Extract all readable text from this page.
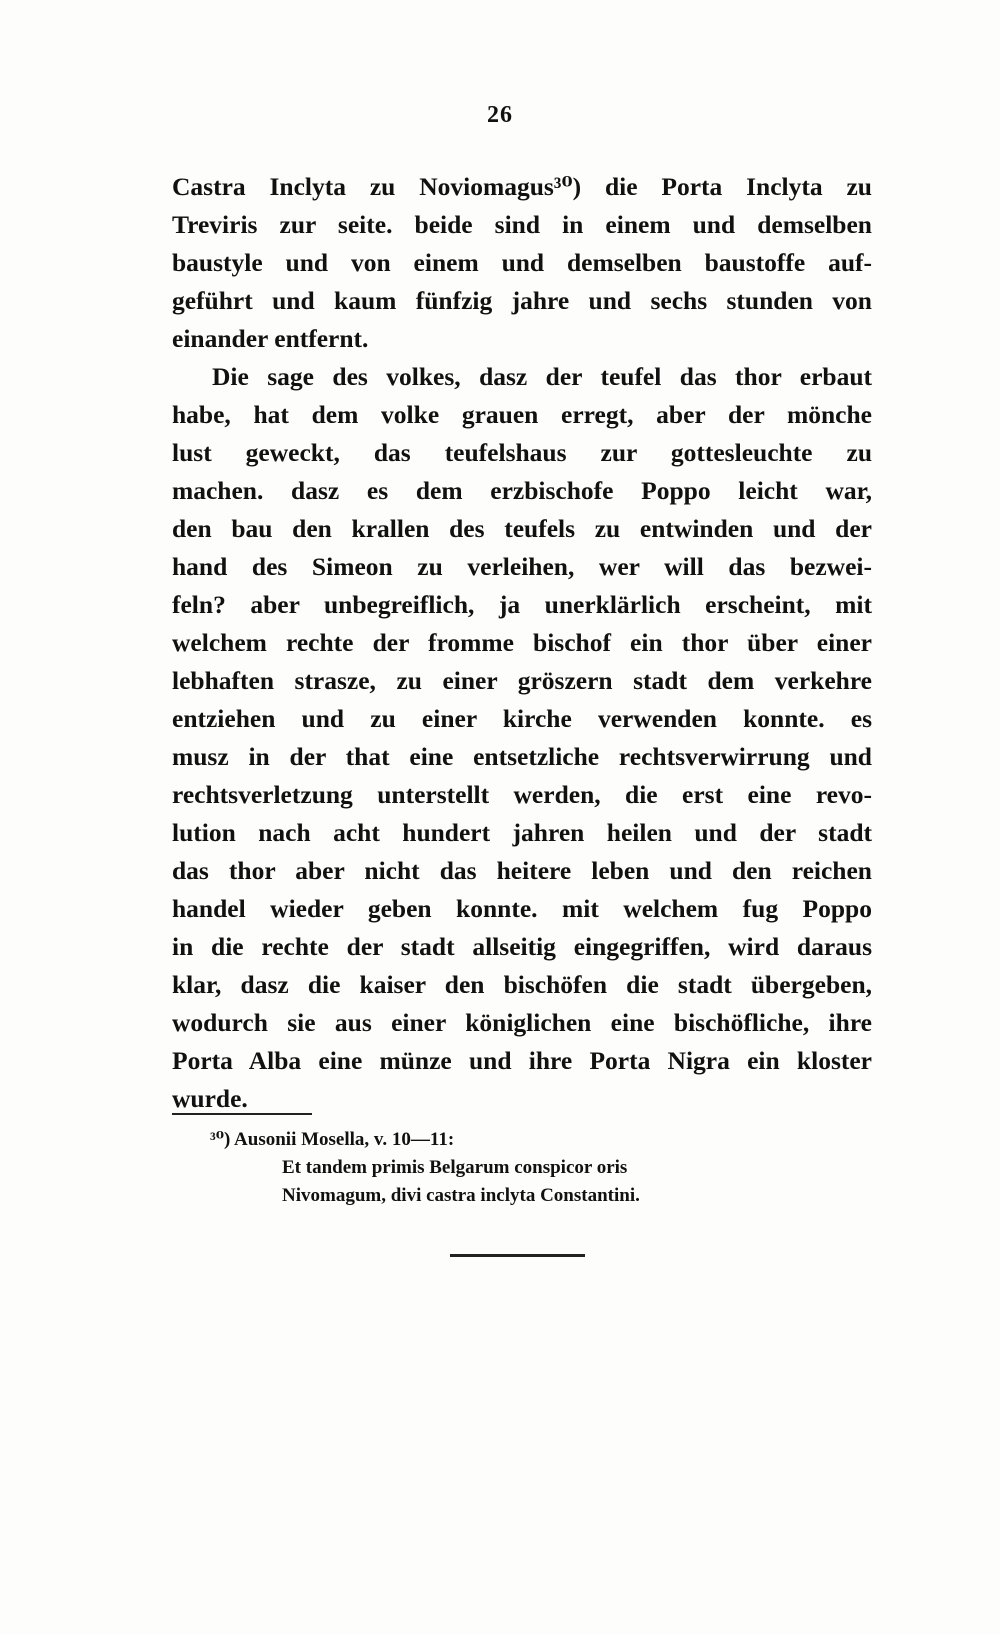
26
Castra Inclyta zu Noviomagus³⁰) die Porta Inclyta zu
Treviris zur seite. beide sind in einem und demselben
baustyle und von einem und demselben baustoffe auf-
geführt und kaum fünfzig jahre und sechs stunden von
einander entfernt.
Die sage des volkes, dasz der teufel das thor erbaut
habe, hat dem volke grauen erregt, aber der mönche
lust geweckt, das teufelshaus zur gottesleuchte zu
machen. dasz es dem erzbischofe Poppo leicht war,
den bau den krallen des teufels zu entwinden und der
hand des Simeon zu verleihen, wer will das bezwei-
feln? aber unbegreiflich, ja unerklärlich erscheint, mit
welchem rechte der fromme bischof ein thor über einer
lebhaften strasze, zu einer gröszern stadt dem verkehre
entziehen und zu einer kirche verwenden konnte. es
musz in der that eine entsetzliche rechtsverwirrung und
rechtsverletzung unterstellt werden, die erst eine revo-
lution nach acht hundert jahren heilen und der stadt
das thor aber nicht das heitere leben und den reichen
handel wieder geben konnte. mit welchem fug Poppo
in die rechte der stadt allseitig eingegriffen, wird daraus
klar, dasz die kaiser den bischöfen die stadt übergeben,
wodurch sie aus einer königlichen eine bischöfliche, ihre
Porta Alba eine münze und ihre Porta Nigra ein kloster
wurde.
³⁰) Ausonii Mosella, v. 10—11:
Et tandem primis Belgarum conspicor oris
Nivomagum, divi castra inclyta Constantini.
